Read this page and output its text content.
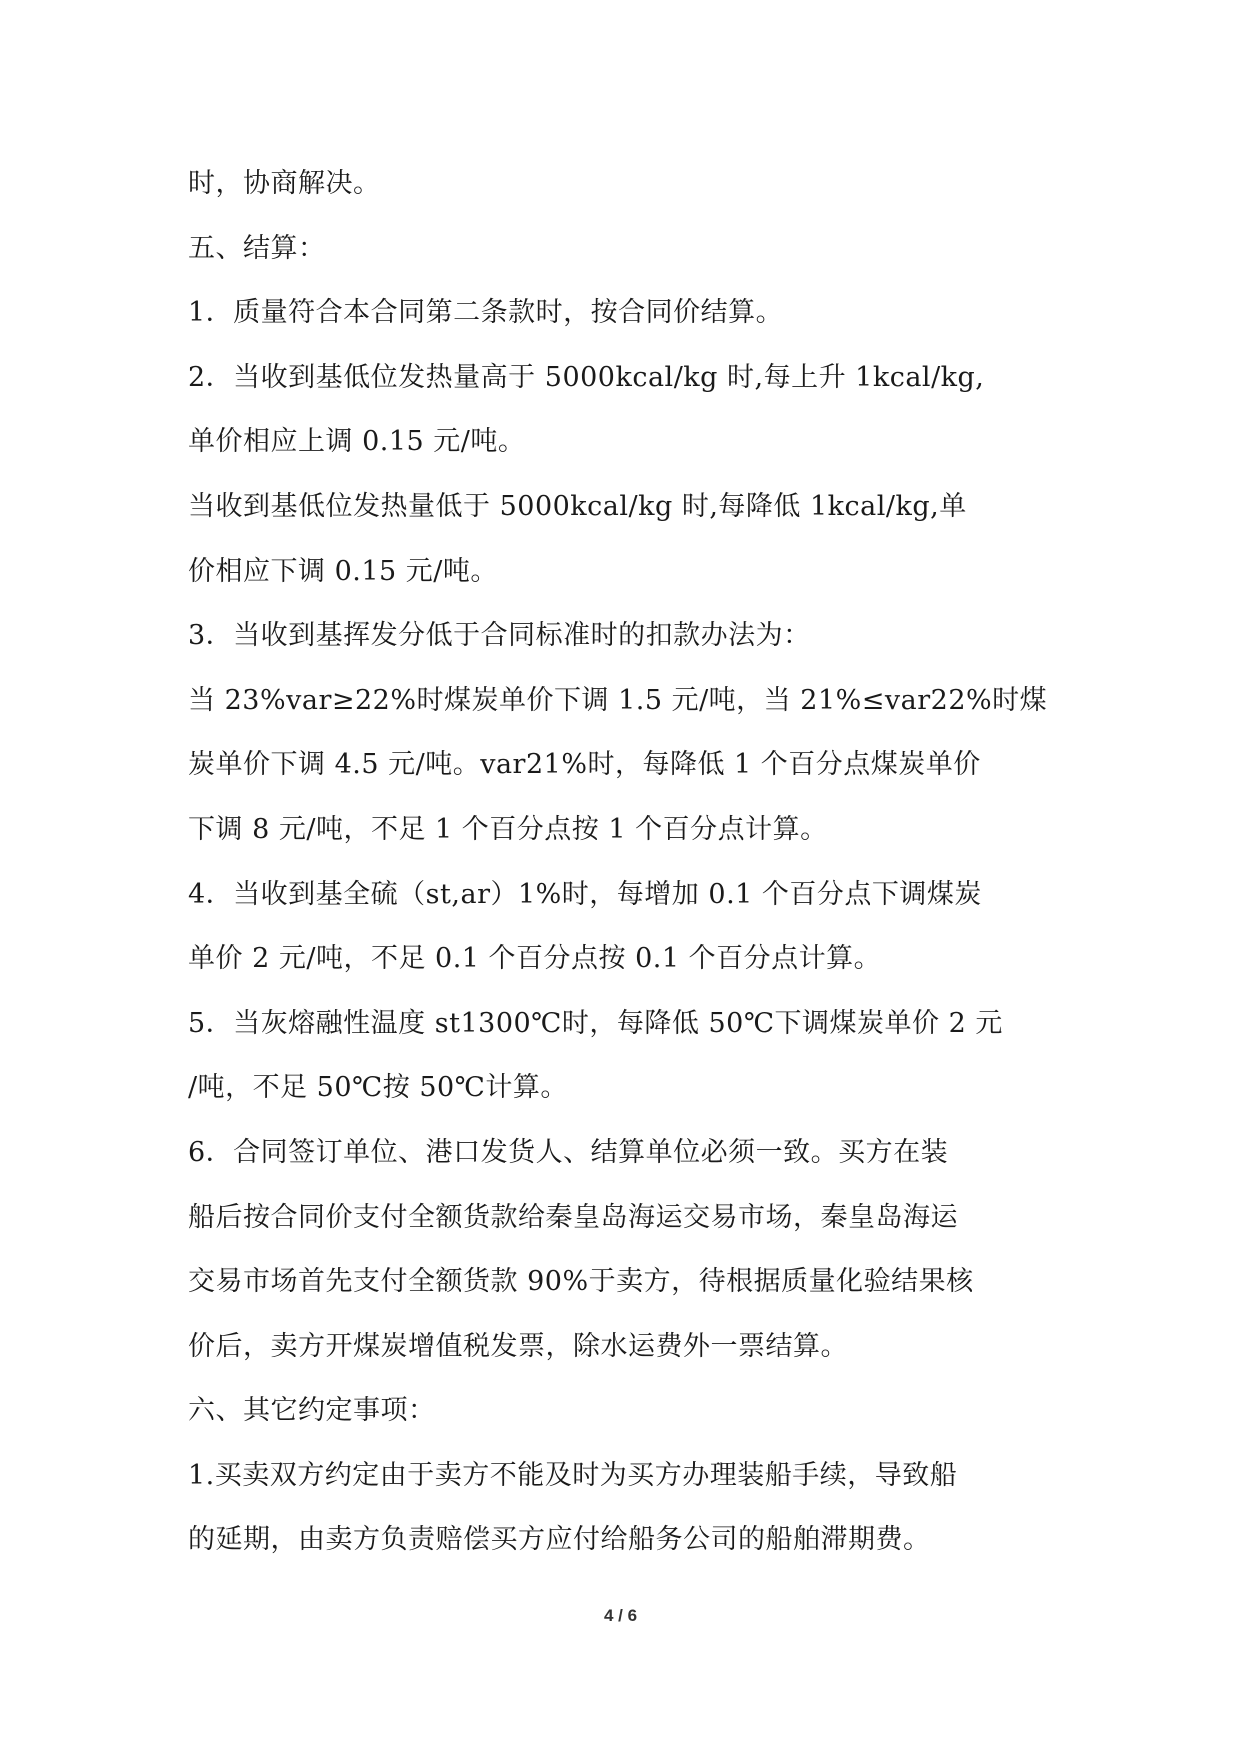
时，协商解决。
五、结算：
1．质量符合本合同第二条款时，按合同价结算。
2．当收到基低位发热量高于 5000kcal/kg 时,每上升 1kcal/kg,
单价相应上调 0.15 元/吨。
当收到基低位发热量低于 5000kcal/kg 时,每降低 1kcal/kg,单
价相应下调 0.15 元/吨。
3．当收到基挥发分低于合同标准时的扣款办法为：
当 23%var≥22%时煤炭单价下调 1.5 元/吨，当 21%≤var22%时煤
炭单价下调 4.5 元/吨。var21%时，每降低 1 个百分点煤炭单价
下调 8 元/吨，不足 1 个百分点按 1 个百分点计算。
4．当收到基全硫（st,ar）1%时，每增加 0.1 个百分点下调煤炭
单价 2 元/吨，不足 0.1 个百分点按 0.1 个百分点计算。
5．当灰熔融性温度 st1300℃时，每降低 50℃下调煤炭单价 2 元
/吨，不足 50℃按 50℃计算。
6．合同签订单位、港口发货人、结算单位必须一致。买方在装
船后按合同价支付全额货款给秦皇岛海运交易市场，秦皇岛海运
交易市场首先支付全额货款 90%于卖方，待根据质量化验结果核
价后，卖方开煤炭增值税发票，除水运费外一票结算。
六、其它约定事项：
1.买卖双方约定由于卖方不能及时为买方办理装船手续，导致船
的延期，由卖方负责赔偿买方应付给船务公司的船舶滞期费。
4 / 6
